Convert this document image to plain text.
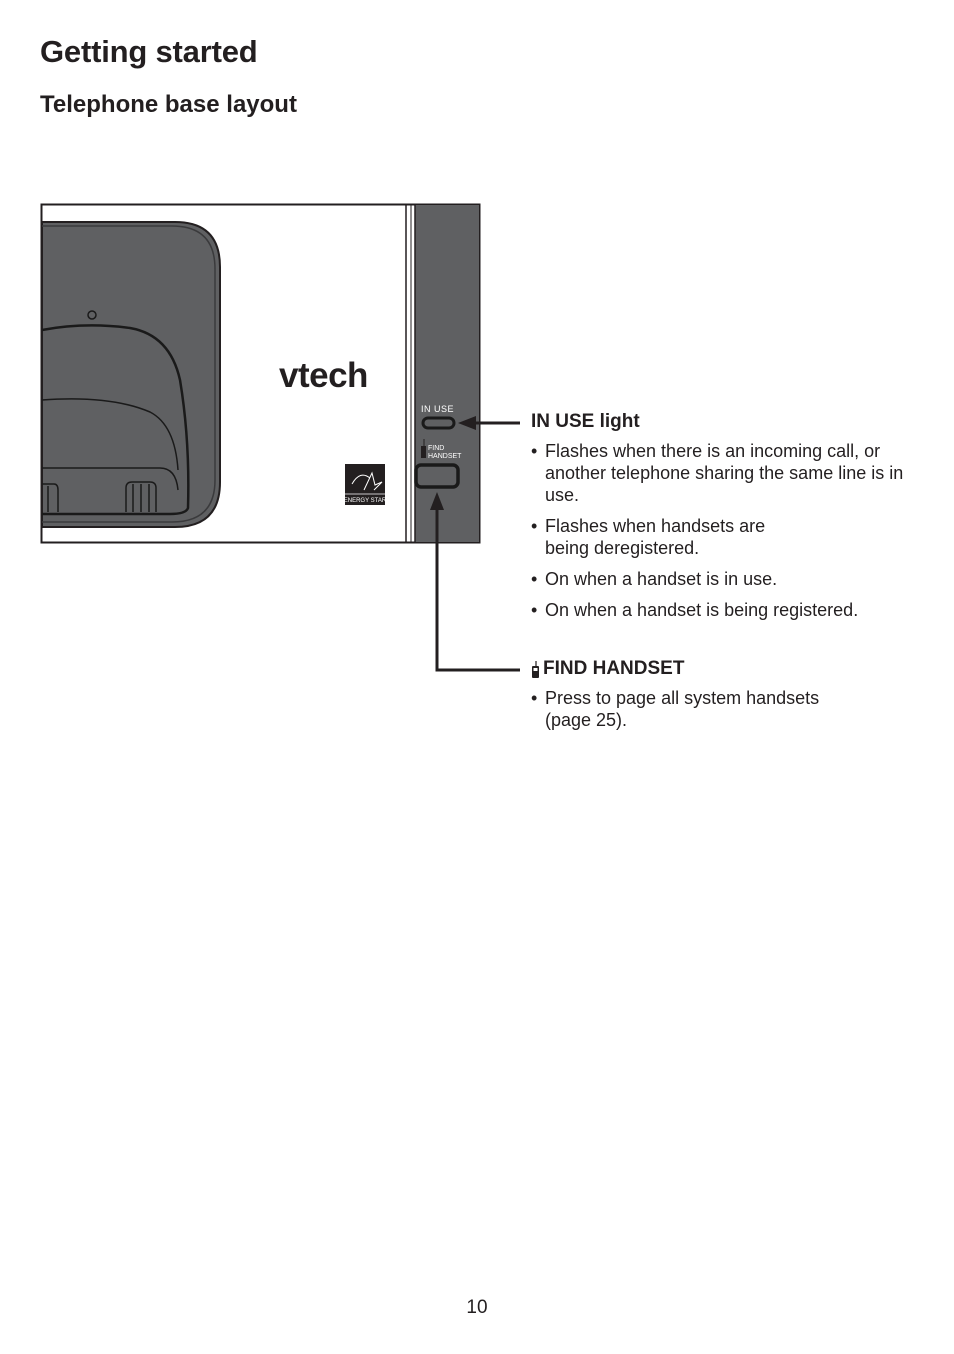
Getting started
Telephone base layout
vtech
ENERGY STAR
IN USE
FIND
HANDSET
IN USE light
• Flashes when there is an incoming call, or another telephone sharing the same line is in use.
• Flashes when handsets are being deregistered.
• On when a handset is in use.
• On when a handset is being registered.
FIND HANDSET
• Press to page all system handsets (page 25).
10
